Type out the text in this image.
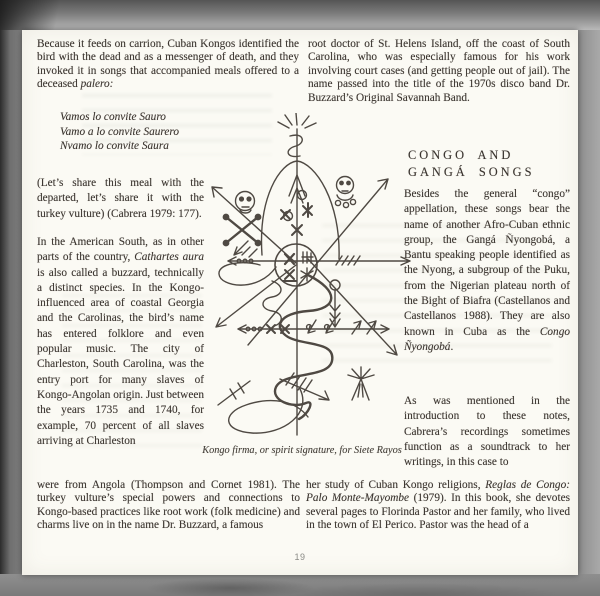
Because it feeds on carrion, Cuban Kongos identified the bird with the dead and as a messenger of death, and they invoked it in songs that accompanied meals offered to a deceased palero:

Vamos lo convite Sauro
Vamo a lo convite Saurero
Nvamo lo convite Saura

(Let’s share this meal with the departed, let’s share it with the turkey vulture) (Cabrera 1979: 177).

In the American South, as in other parts of the country, Cathartes aura is also called a buzzard, technically a distinct species. In the Kongo-influenced area of coastal Georgia and the Carolinas, the bird’s name has entered folklore and even popular music. The city of Charleston, South Carolina, was the entry port for many slaves of Kongo-Angolan origin. Just between the years 1735 and 1740, for example, 70 percent of all slaves arriving at Charleston

were from Angola (Thompson and Cornet 1981). The turkey vulture’s special powers and connections to Kongo-based practices like root work (folk medicine) and charms live on in the name Dr. Buzzard, a famous

root doctor of St. Helens Island, off the coast of South Carolina, who was especially famous for his work involving court cases (and getting people out of jail). The name passed into the title of the 1970s disco band Dr. Buzzard’s Original Savannah Band.

CONGO AND
GANGÁ SONGS

Besides the general “congo” appellation, these songs bear the name of another Afro-Cuban ethnic group, the Gangá Ñyongobá, a Bantu speaking people identified as the Nyong, a subgroup of the Puku, from the Nigerian plateau north of the Bight of Biafra (Castellanos and Castellanos 1988). They are also known in Cuba as the Congo Ñyongobá.

As was mentioned in the introduction to these notes, Cabrera’s recordings sometimes function as a soundtrack to her writings, in this case to

her study of Cuban Kongo religions, Reglas de Congo: Palo Monte-Mayombe (1979). In this book, she devotes several pages to Florinda Pastor and her family, who lived in the town of El Perico. Pastor was the head of a

Kongo firma, or spirit signature, for Siete Rayos
19
